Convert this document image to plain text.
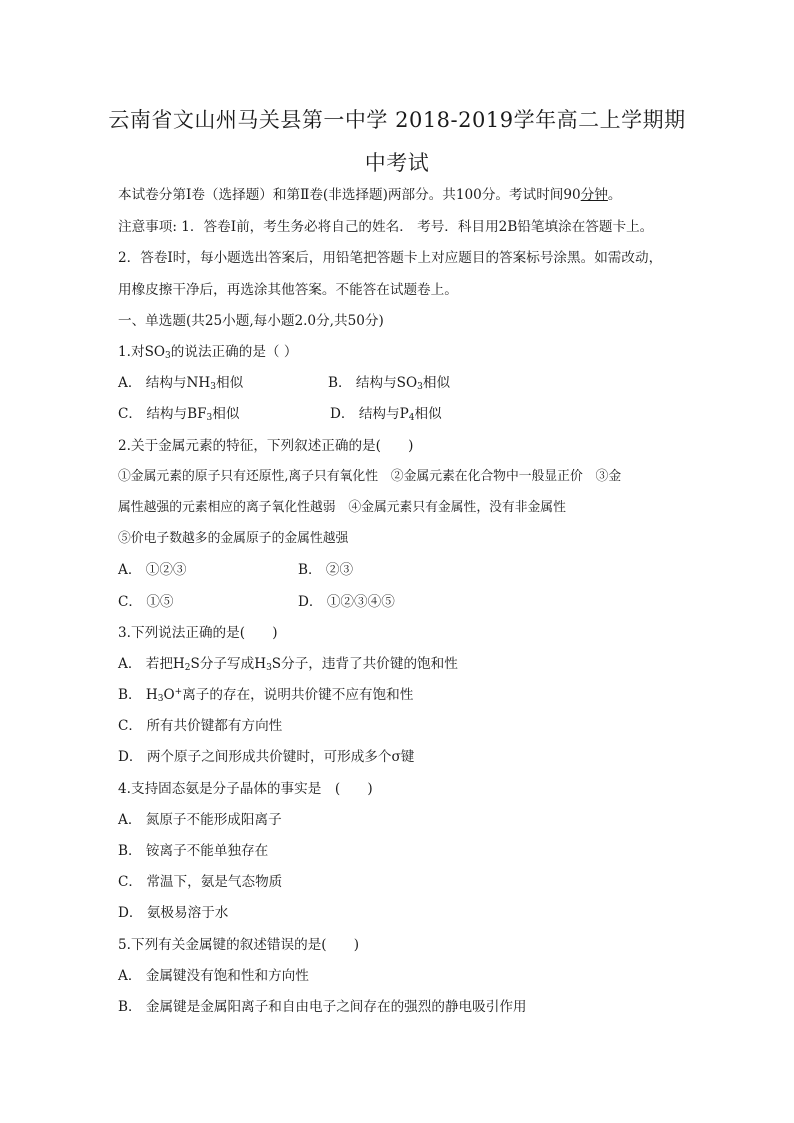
云南省文山州马关县第一中学 2018-2019学年高二上学期期
中考试
本试卷分第Ⅰ卷（选择题）和第Ⅱ卷(非选择题)两部分。共100分。考试时间90分钟。
注意事项: 1．答卷Ⅰ前，考生务必将自己的姓名． 考号．科目用2B铅笔填涂在答题卡上。
2．答卷Ⅰ时，每小题选出答案后，用铅笔把答题卡上对应题目的答案标号涂黑。如需改动，
用橡皮擦干净后，再选涂其他答案。不能答在试题卷上。
一、单选题(共25小题,每小题2.0分,共50分)
1.对$SO_3$的说法正确的是（ ）
A． 结构与$NH_3$相似	B． 结构与$SO_3$相似
C． 结构与$BF_3$相似	D． 结构与$P_4$相似
2.关于金属元素的特征，下列叙述正确的是(　　)
①金属元素的原子只有还原性,离子只有氧化性　②金属元素在化合物中一般显正价　③金
属性越强的元素相应的离子氧化性越弱　④金属元素只有金属性，没有非金属性
⑤价电子数越多的金属原子的金属性越强
A． ①②③	B． ②③
C． ①⑤	D． ①②③④⑤
3.下列说法正确的是(　　)
A． 若把$H_2S$分子写成$H_3S$分子，违背了共价键的饱和性
B． $H_3O^+$离子的存在，说明共价键不应有饱和性
C． 所有共价键都有方向性
D． 两个原子之间形成共价键时，可形成多个σ键
4.支持固态氨是分子晶体的事实是　(　　)
A． 氮原子不能形成阳离子
B． 铵离子不能单独存在
C． 常温下，氨是气态物质
D． 氨极易溶于水
5.下列有关金属键的叙述错误的是(　　)
A． 金属键没有饱和性和方向性
B． 金属键是金属阳离子和自由电子之间存在的强烈的静电吸引作用
